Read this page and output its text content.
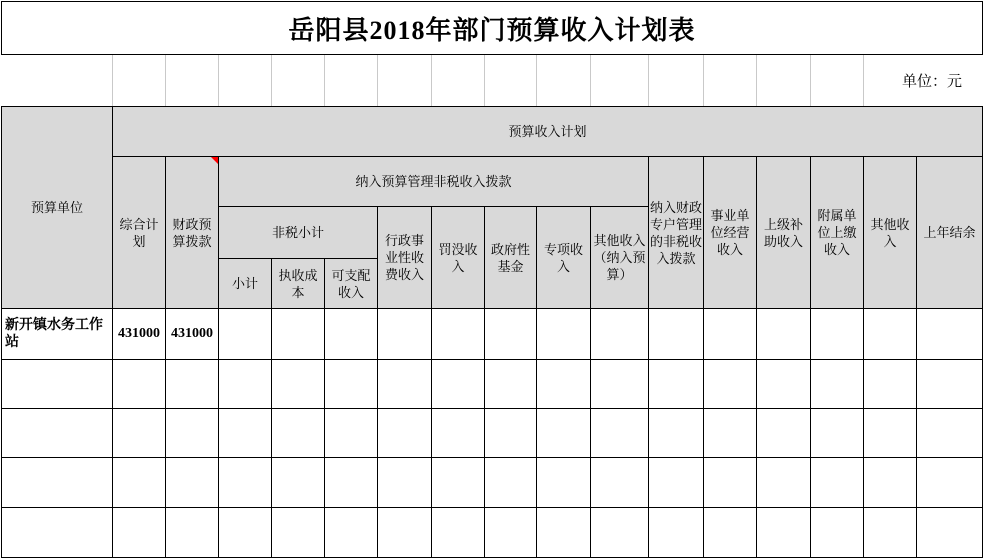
岳阳县2018年部门预算收入计划表
															单位：元
预算单位	预算收入计划															
	综合计划	财政预算拨款	纳入预算管理非税收入拨款								纳入财政专户管理的非税收入拨款	事业单位经营收入	上级补助收入	附属单位上缴收入	其他收入	上年结余
			非税小计			行政事业性收费收入	罚没收入	政府性基金	专项收入	其他收入（纳入预算）						
			小计	执收成本	可支配收入											
新开镇水务工作站	431000	431000														
